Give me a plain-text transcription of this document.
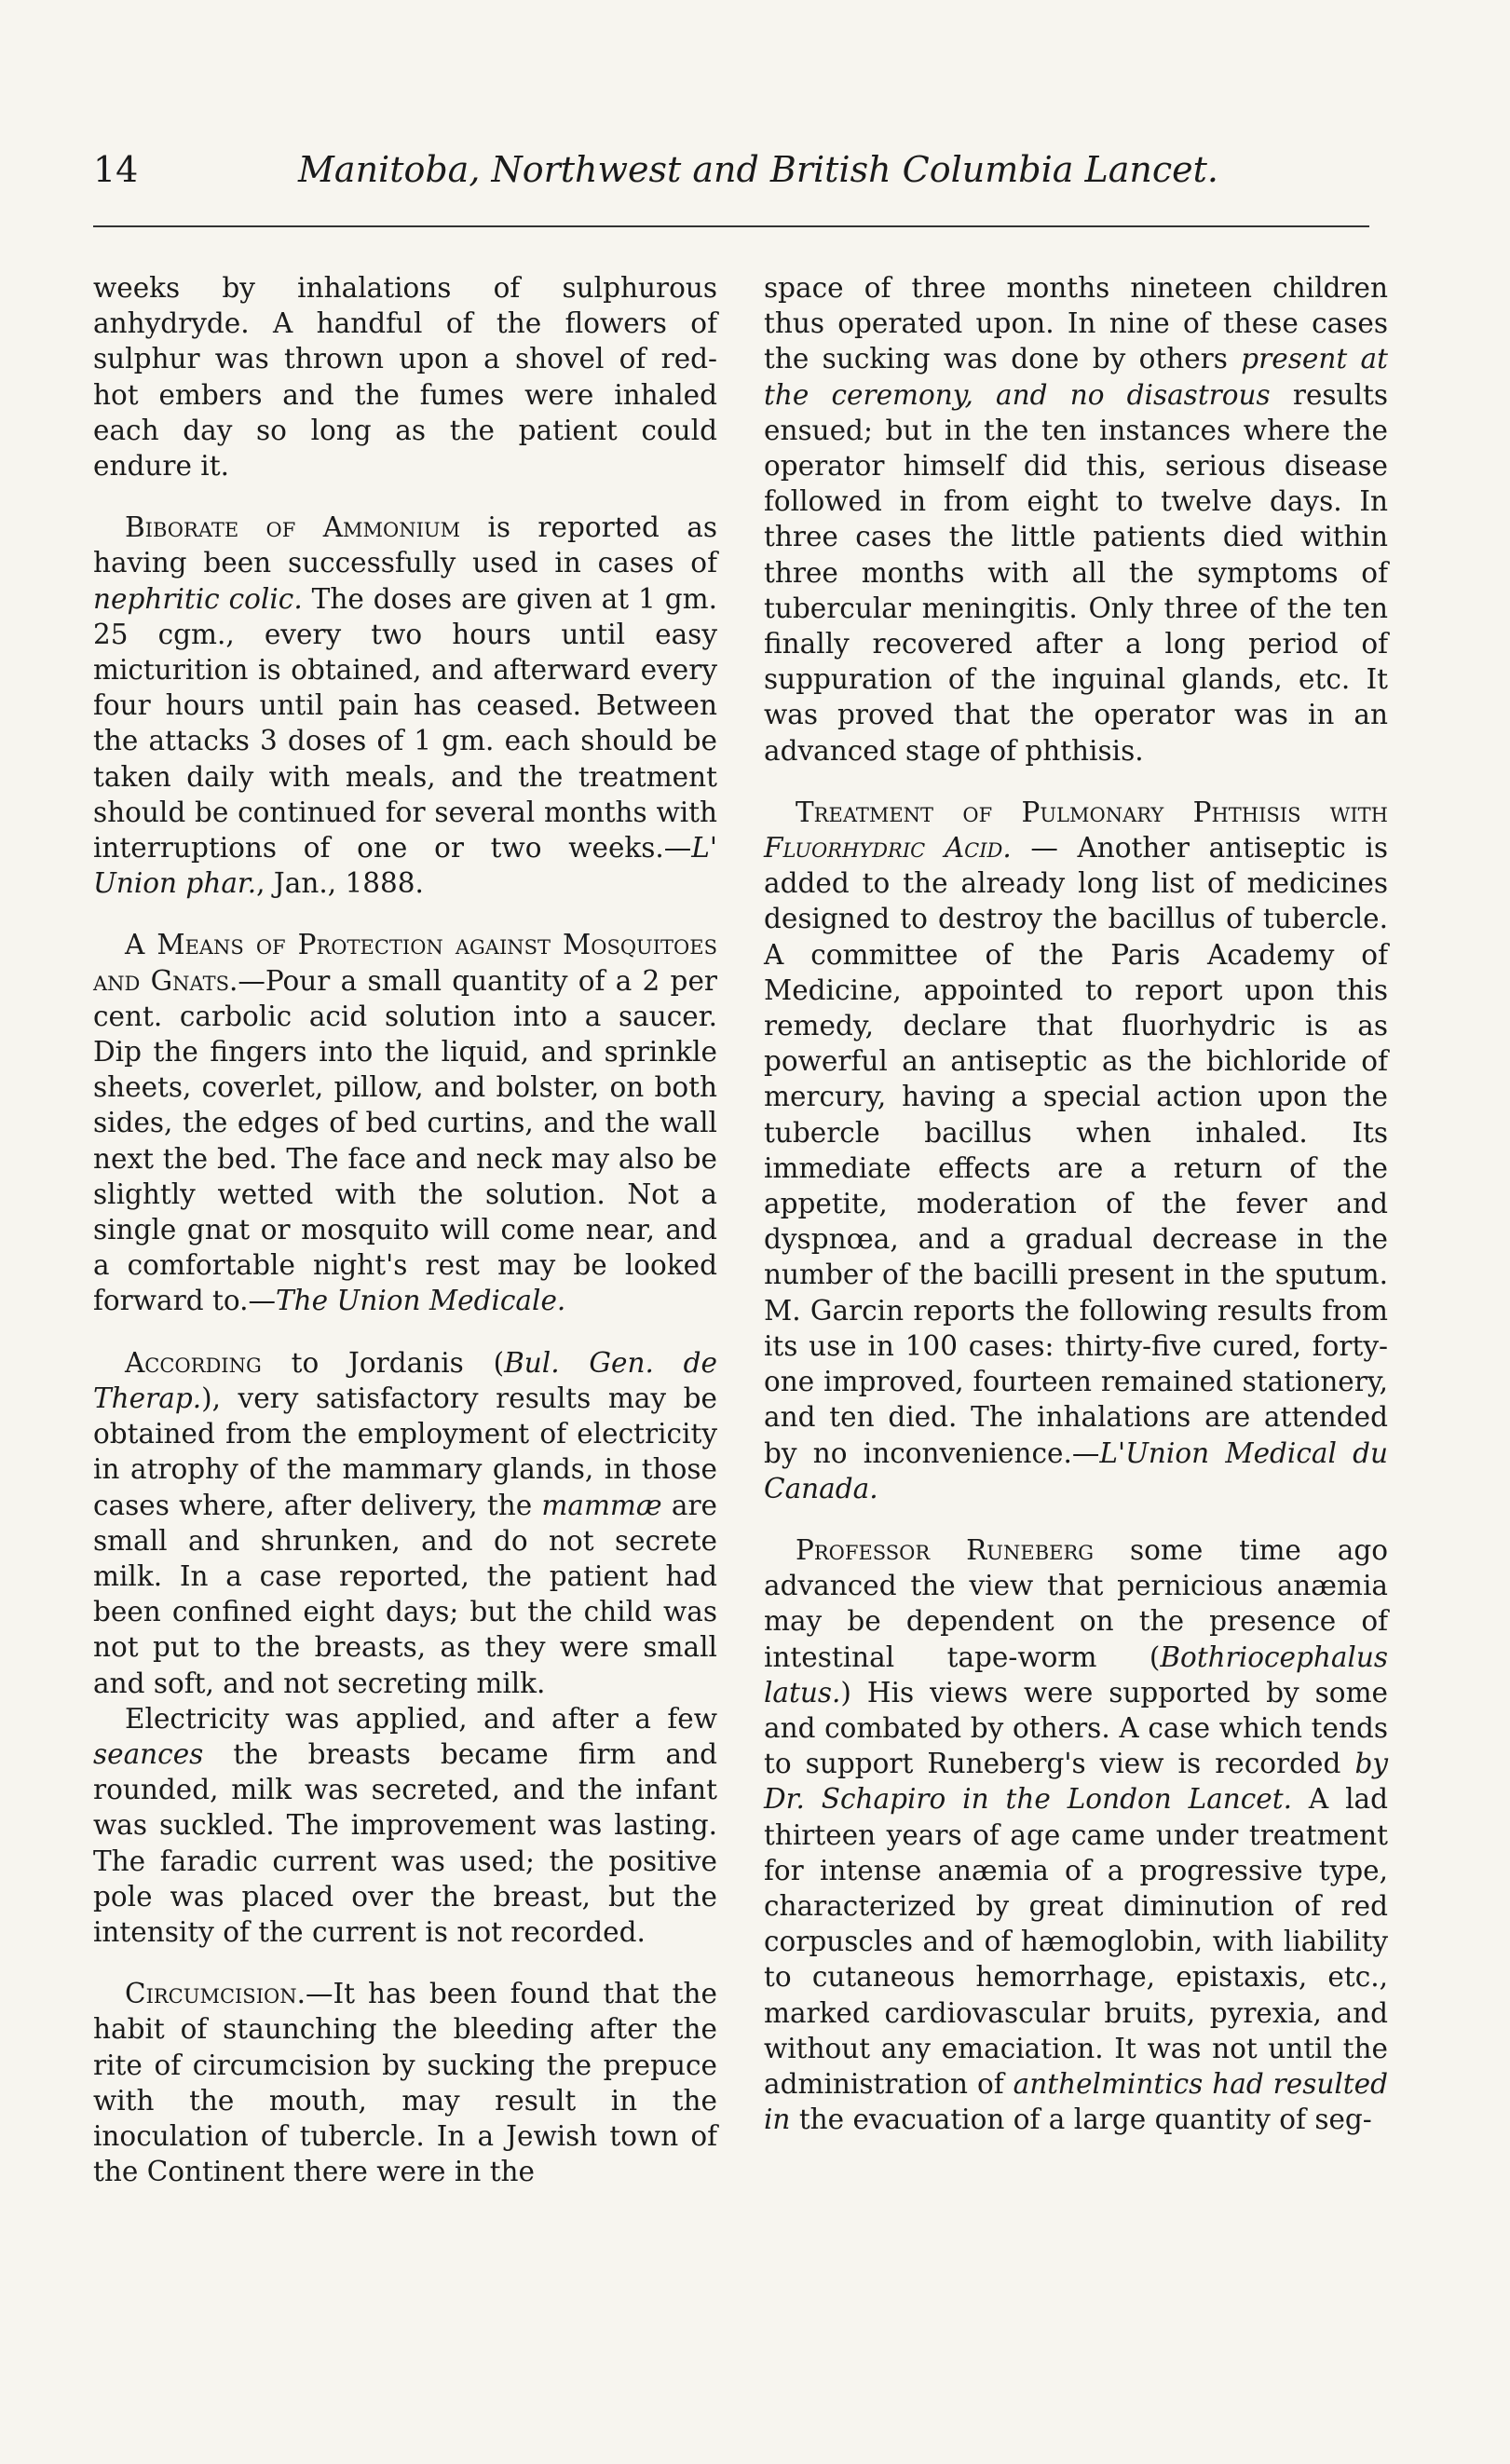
14	Manitoba, Northwest and British Columbia Lancet.

weeks by inhalations of sulphurous anhydryde. A handful of the flowers of sulphur was thrown upon a shovel of red-hot embers and the fumes were inhaled each day so long as the patient could endure it.

Biborate of Ammonium is reported as having been successfully used in cases of nephritic colic. The doses are given at 1 gm. 25 cgm., every two hours until easy micturition is obtained, and afterward every four hours until pain has ceased. Between the attacks 3 doses of 1 gm. each should be taken daily with meals, and the treatment should be continued for several months with interruptions of one or two weeks.—L' Union phar., Jan., 1888.

A Means of Protection against Mosquitoes and Gnats.—Pour a small quantity of a 2 per cent. carbolic acid solution into a saucer. Dip the fingers into the liquid, and sprinkle sheets, coverlet, pillow, and bolster, on both sides, the edges of bed curtins, and the wall next the bed. The face and neck may also be slightly wetted with the solution. Not a single gnat or mosquito will come near, and a comfortable night's rest may be looked forward to.—The Union Medicale.

According to Jordanis (Bul. Gen. de Therap.), very satisfactory results may be obtained from the employment of electricity in atrophy of the mammary glands, in those cases where, after delivery, the mammæ are small and shrunken, and do not secrete milk. In a case reported, the patient had been confined eight days; but the child was not put to the breasts, as they were small and soft, and not secreting milk.

Electricity was applied, and after a few seances the breasts became firm and rounded, milk was secreted, and the infant was suckled. The improvement was lasting. The faradic current was used; the positive pole was placed over the breast, but the intensity of the current is not recorded.

Circumcision.—It has been found that the habit of staunching the bleeding after the rite of circumcision by sucking the prepuce with the mouth, may result in the inoculation of tubercle. In a Jewish town of the Continent there were in the

space of three months nineteen children thus operated upon. In nine of these cases the sucking was done by others present at the ceremony, and no disastrous results ensued; but in the ten instances where the operator himself did this, serious disease followed in from eight to twelve days. In three cases the little patients died within three months with all the symptoms of tubercular meningitis. Only three of the ten finally recovered after a long period of suppuration of the inguinal glands, etc. It was proved that the operator was in an advanced stage of phthisis.

Treatment of Pulmonary Phthisis with Fluorhydric Acid. — Another antiseptic is added to the already long list of medicines designed to destroy the bacillus of tubercle. A committee of the Paris Academy of Medicine, appointed to report upon this remedy, declare that fluorhydric is as powerful an antiseptic as the bichloride of mercury, having a special action upon the tubercle bacillus when inhaled. Its immediate effects are a return of the appetite, moderation of the fever and dyspnœa, and a gradual decrease in the number of the bacilli present in the sputum. M. Garcin reports the following results from its use in 100 cases: thirty-five cured, forty-one improved, fourteen remained stationery, and ten died. The inhalations are attended by no inconvenience.—L'Union Medical du Canada.

Professor Runeberg some time ago advanced the view that pernicious anæmia may be dependent on the presence of intestinal tape-worm (Bothriocephalus latus.) His views were supported by some and combated by others. A case which tends to support Runeberg's view is recorded by Dr. Schapiro in the London Lancet. A lad thirteen years of age came under treatment for intense anæmia of a progressive type, characterized by great diminution of red corpuscles and of hæmoglobin, with liability to cutaneous hemorrhage, epistaxis, etc., marked cardiovascular bruits, pyrexia, and without any emaciation. It was not until the administration of anthelmintics had resulted in the evacuation of a large quantity of seg-
